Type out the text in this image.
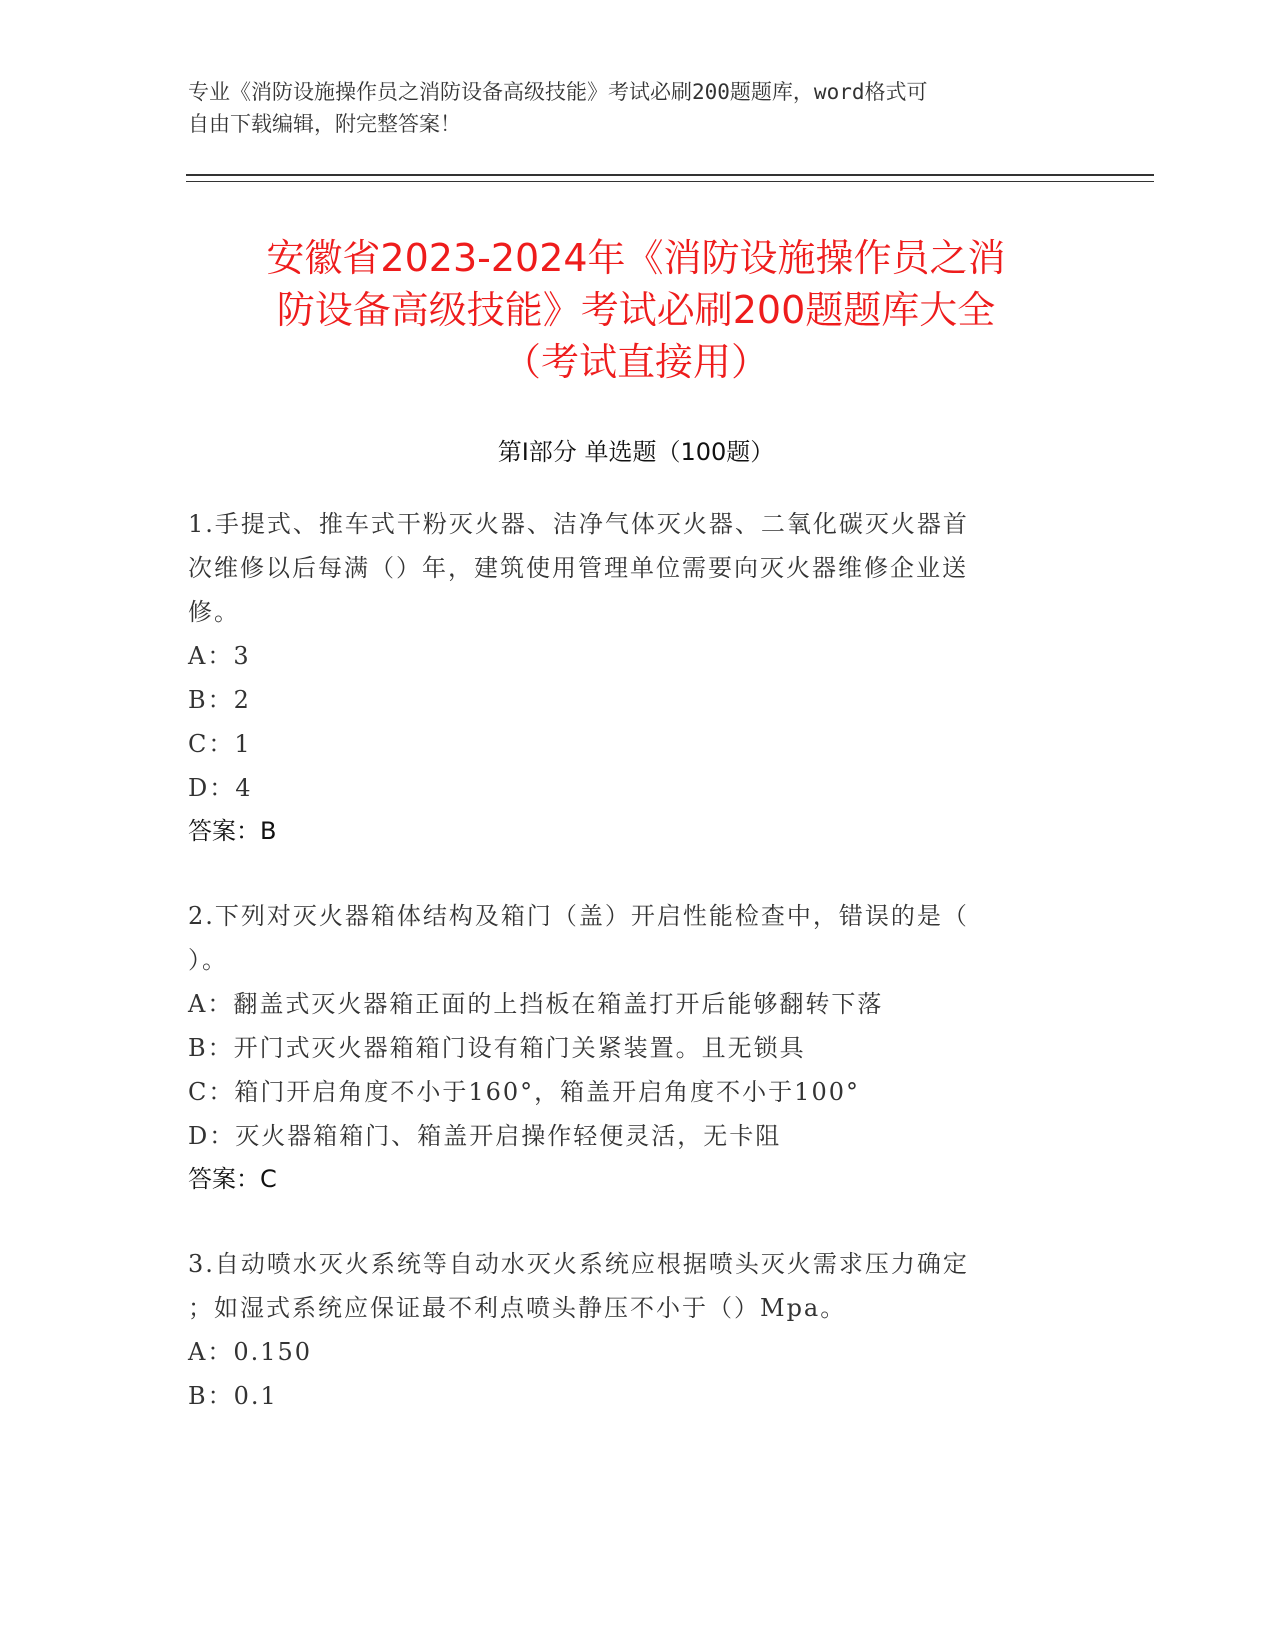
专业《消防设施操作员之消防设备高级技能》考试必刷200题题库，word格式可
自由下载编辑，附完整答案！
安徽省2023-2024年《消防设施操作员之消
防设备高级技能》考试必刷200题题库大全
（考试直接用）
第Ⅰ部分 单选题（100题）
1.手提式、推车式干粉灭火器、洁净气体灭火器、二氧化碳灭火器首
次维修以后每满（）年，建筑使用管理单位需要向灭火器维修企业送
修。
A：3
B：2
C：1
D：4
答案：B
2.下列对灭火器箱体结构及箱门（盖）开启性能检查中，错误的是（
）。
A：翻盖式灭火器箱正面的上挡板在箱盖打开后能够翻转下落
B：开门式灭火器箱箱门设有箱门关紧装置。且无锁具
C：箱门开启角度不小于160°，箱盖开启角度不小于100°
D：灭火器箱箱门、箱盖开启操作轻便灵活，无卡阻
答案：C
3.自动喷水灭火系统等自动水灭火系统应根据喷头灭火需求压力确定
；如湿式系统应保证最不利点喷头静压不小于（）Mpa。
A：0.150
B：0.1
